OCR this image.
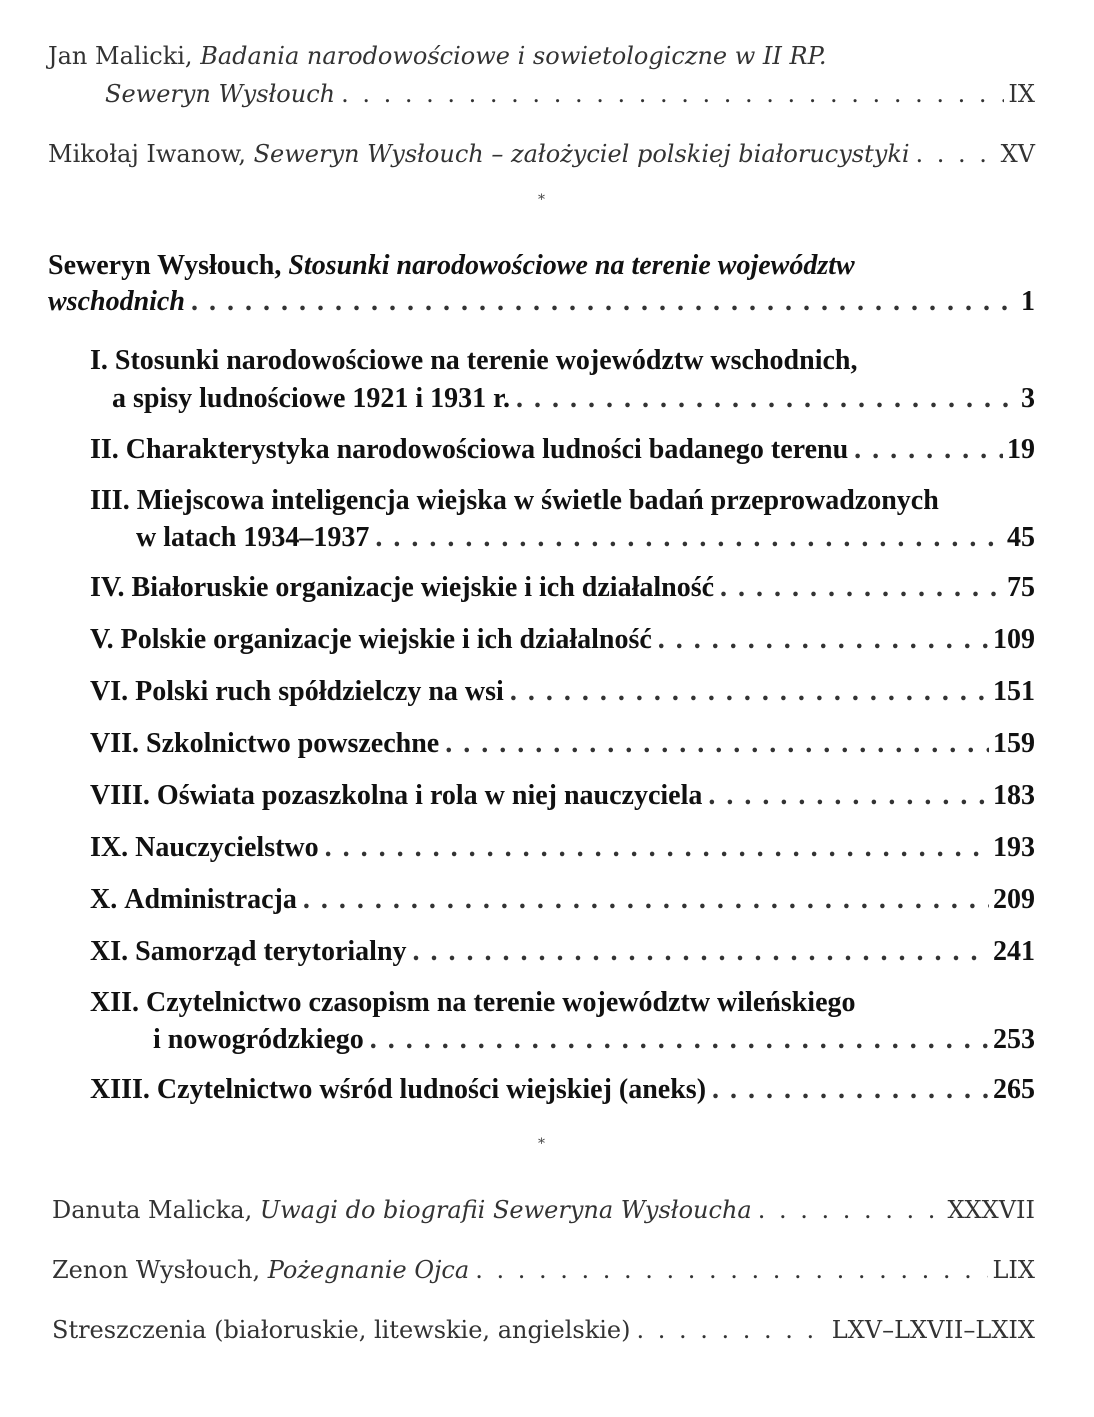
Jan Malicki, Badania narodowościowe i sowietologiczne w II RP.
Seweryn Wysłouch . . .	IX
Mikołaj Iwanow,
Seweryn Wysłouch – założyciel polskiej białorucystyki . . .	XV
*
Seweryn Wysłouch, Stosunki narodowościowe na terenie województw
wschodnich . . .	1
I. Stosunki narodowościowe na terenie województw wschodnich,
a spisy ludnościowe 1921 i 1931 r. . . .	3
II.
Charakterystyka narodowościowa ludności badanego terenu . . .	19
III. Miejscowa inteligencja wiejska w świetle badań przeprowadzonych
w latach 1934–1937 . . .	45
IV.
Białoruskie organizacje wiejskie i ich działalność . . .	75
V.
Polskie organizacje wiejskie i ich działalność . . .	109
VI.
Polski ruch spółdzielczy na wsi . . .	151
VII.
Szkolnictwo powszechne . . .	159
VIII.
Oświata pozaszkolna i rola w niej nauczyciela . . .	183
IX.
Nauczycielstwo . . .	193
X.
Administracja . . .	209
XI.
Samorząd terytorialny . . .	241
XII. Czytelnictwo czasopism na terenie województw wileńskiego
i nowogródzkiego . . .	253
XIII.
Czytelnictwo wśród ludności wiejskiej (aneks) . . .	265
*
Danuta Malicka,
Uwagi do biografii Seweryna Wysłoucha . . .	XXXVII
Zenon Wysłouch,
Pożegnanie Ojca . . .	LIX
Streszczenia (białoruskie, litewskie, angielskie) . . .	LXV–LXVII–LXIX
